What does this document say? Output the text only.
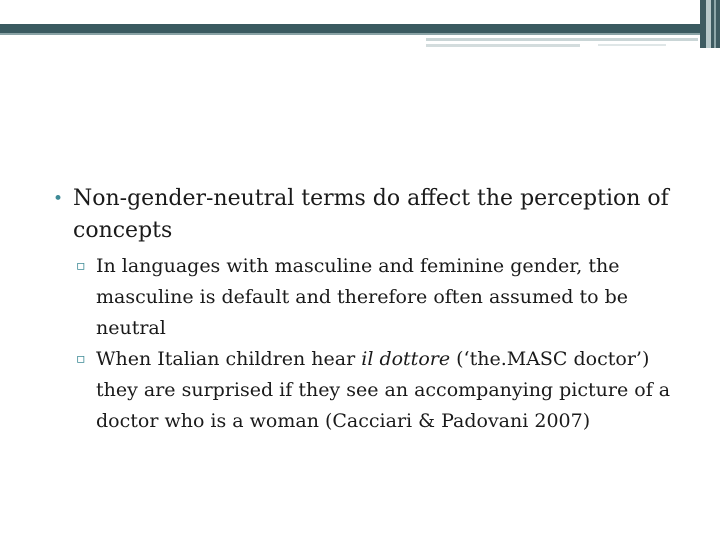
• Non-gender-neutral terms do affect the perception of concepts

▫ In languages with masculine and feminine gender, the masculine is default and therefore often assumed to be neutral
▫ When Italian children hear il dottore (‘the.MASC doctor’) they are surprised if they see an accompanying picture of a doctor who is a woman (Cacciari & Padovani 2007)
